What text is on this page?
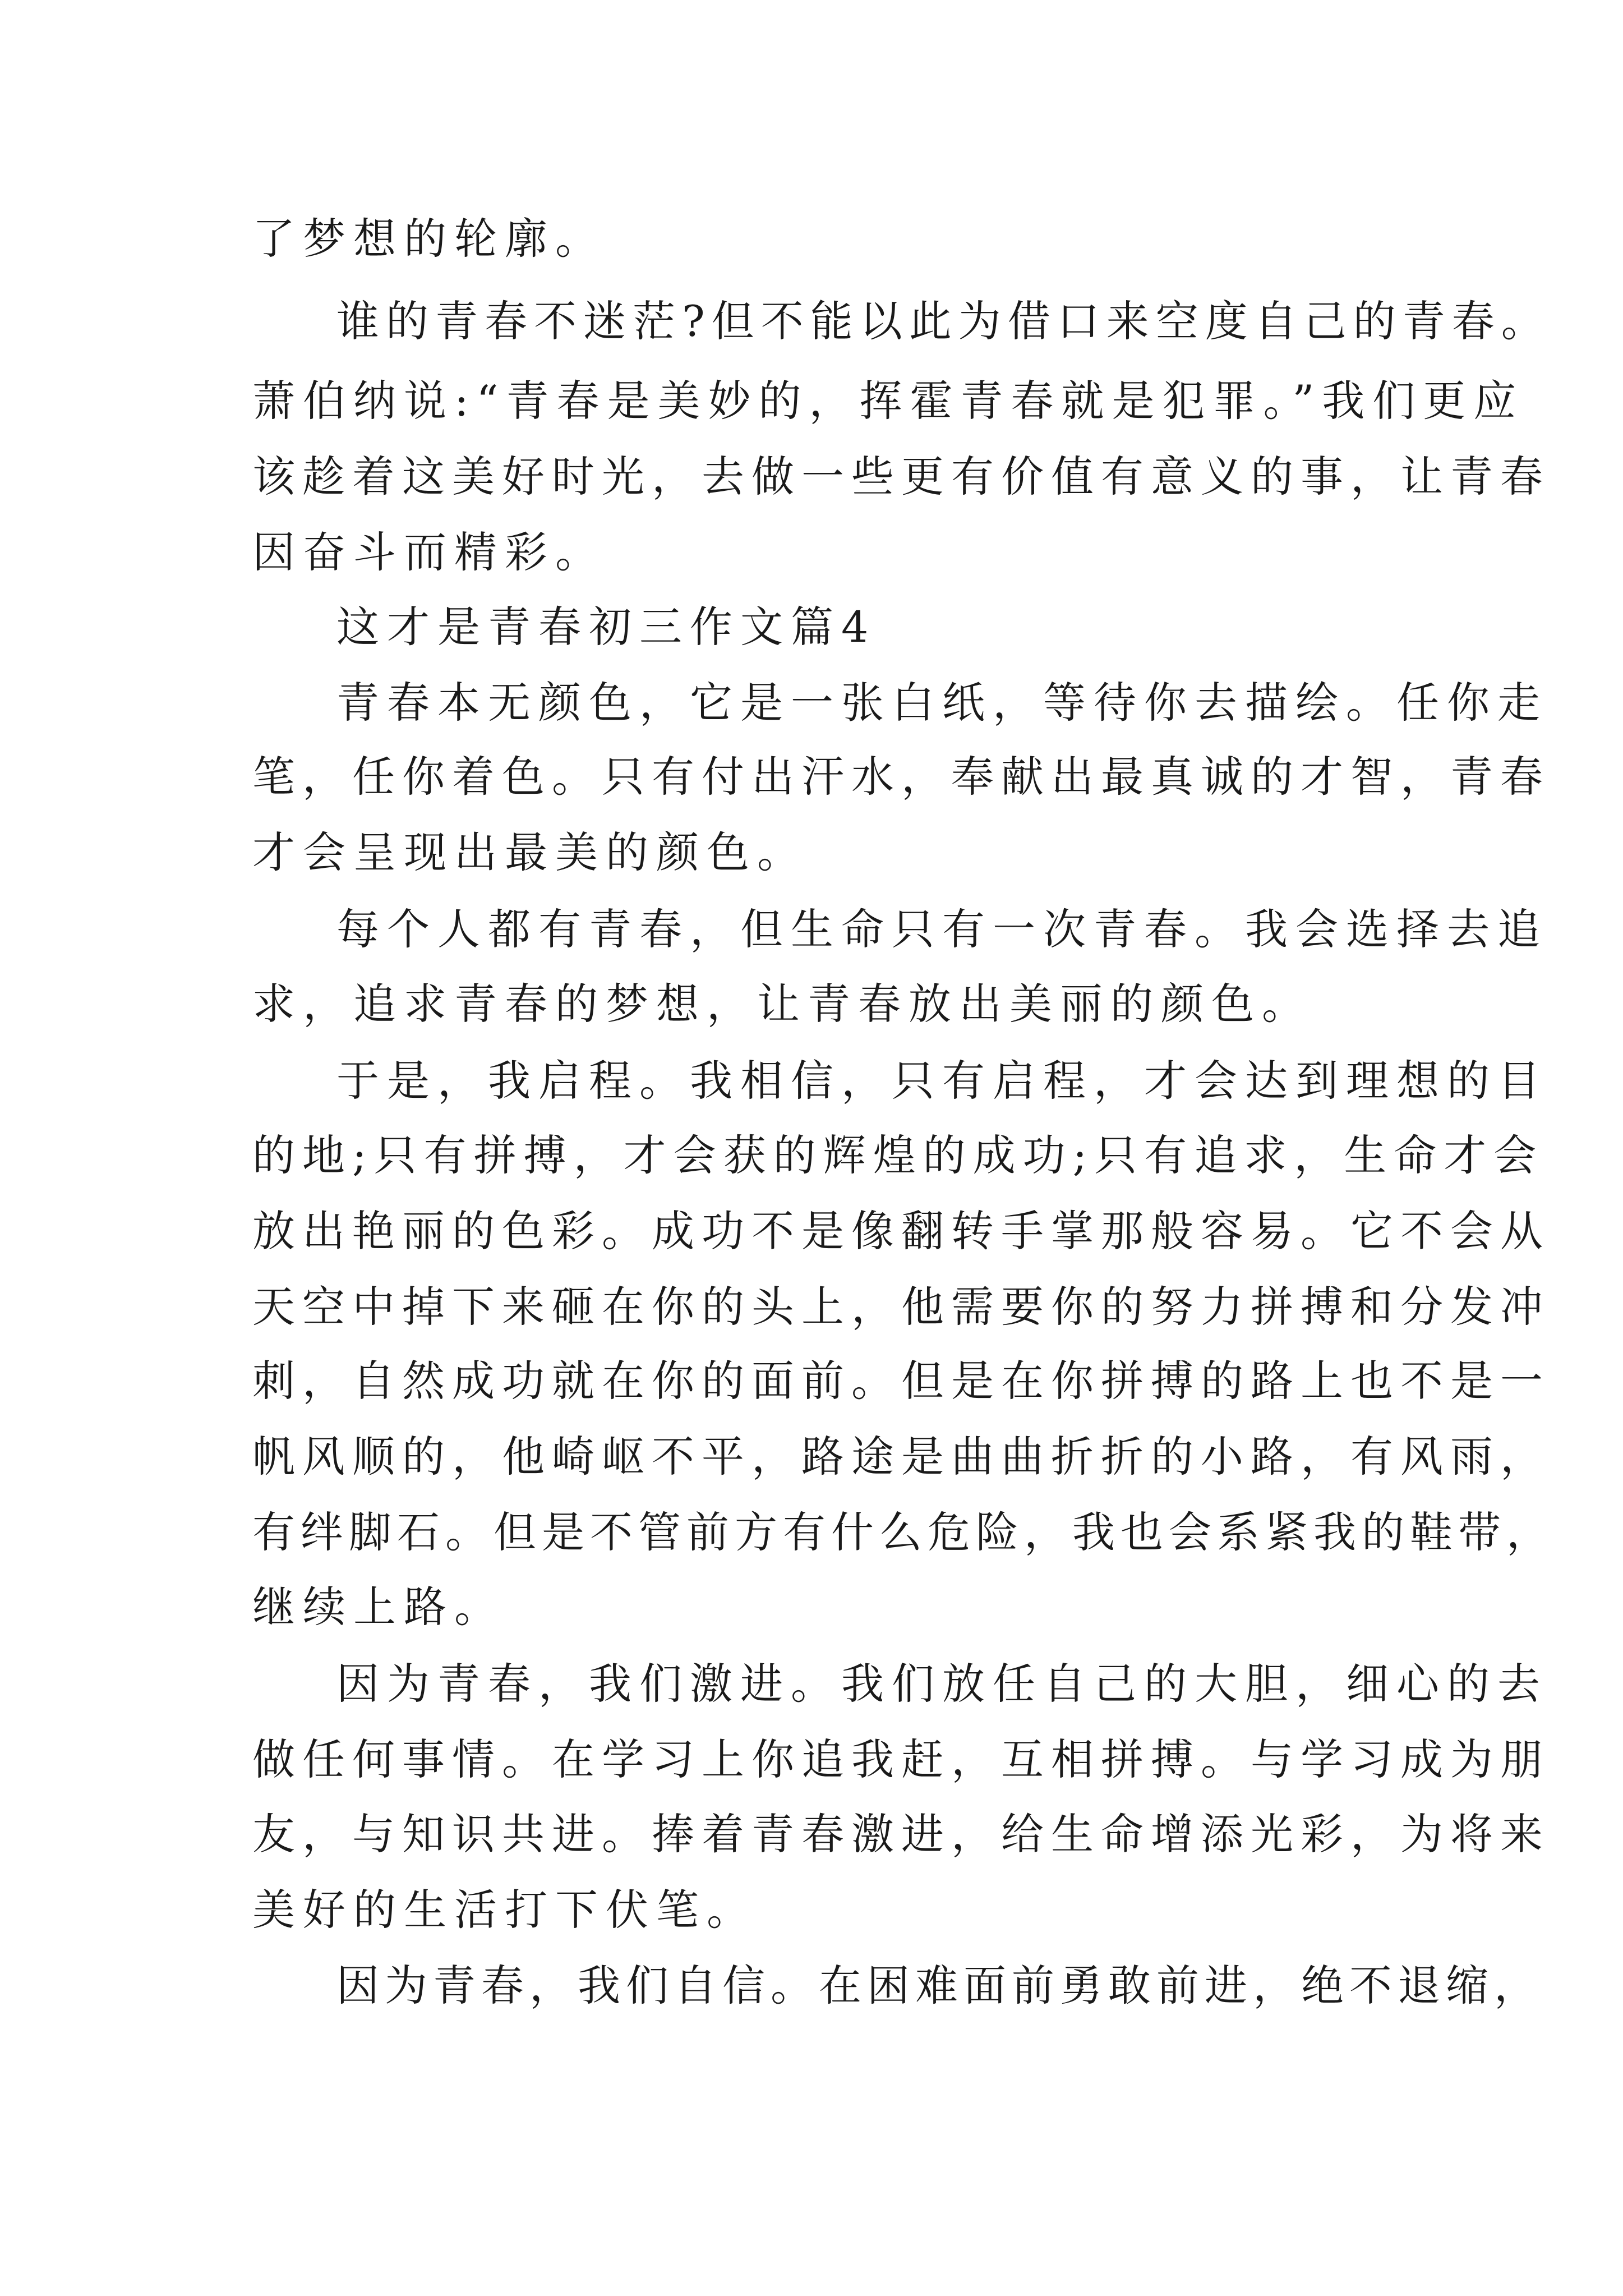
了梦想的轮廓。
谁的青春不迷茫?但不能以此为借口来空度自己的青春。
萧伯纳说:“青春是美妙的，挥霍青春就是犯罪。”我们更应
该趁着这美好时光，去做一些更有价值有意义的事，让青春
因奋斗而精彩。
这才是青春初三作文篇4
青春本无颜色，它是一张白纸，等待你去描绘。任你走
笔，任你着色。只有付出汗水，奉献出最真诚的才智，青春
才会呈现出最美的颜色。
每个人都有青春，但生命只有一次青春。我会选择去追
求，追求青春的梦想，让青春放出美丽的颜色。
于是，我启程。我相信，只有启程，才会达到理想的目
的地;只有拼搏，才会获的辉煌的成功;只有追求，生命才会
放出艳丽的色彩。成功不是像翻转手掌那般容易。它不会从
天空中掉下来砸在你的头上，他需要你的努力拼搏和分发冲
刺，自然成功就在你的面前。但是在你拼搏的路上也不是一
帆风顺的，他崎岖不平，路途是曲曲折折的小路，有风雨，
有绊脚石。但是不管前方有什么危险，我也会系紧我的鞋带，
继续上路。
因为青春，我们激进。我们放任自己的大胆，细心的去
做任何事情。在学习上你追我赶，互相拼搏。与学习成为朋
友，与知识共进。捧着青春激进，给生命增添光彩，为将来
美好的生活打下伏笔。
因为青春，我们自信。在困难面前勇敢前进，绝不退缩，
